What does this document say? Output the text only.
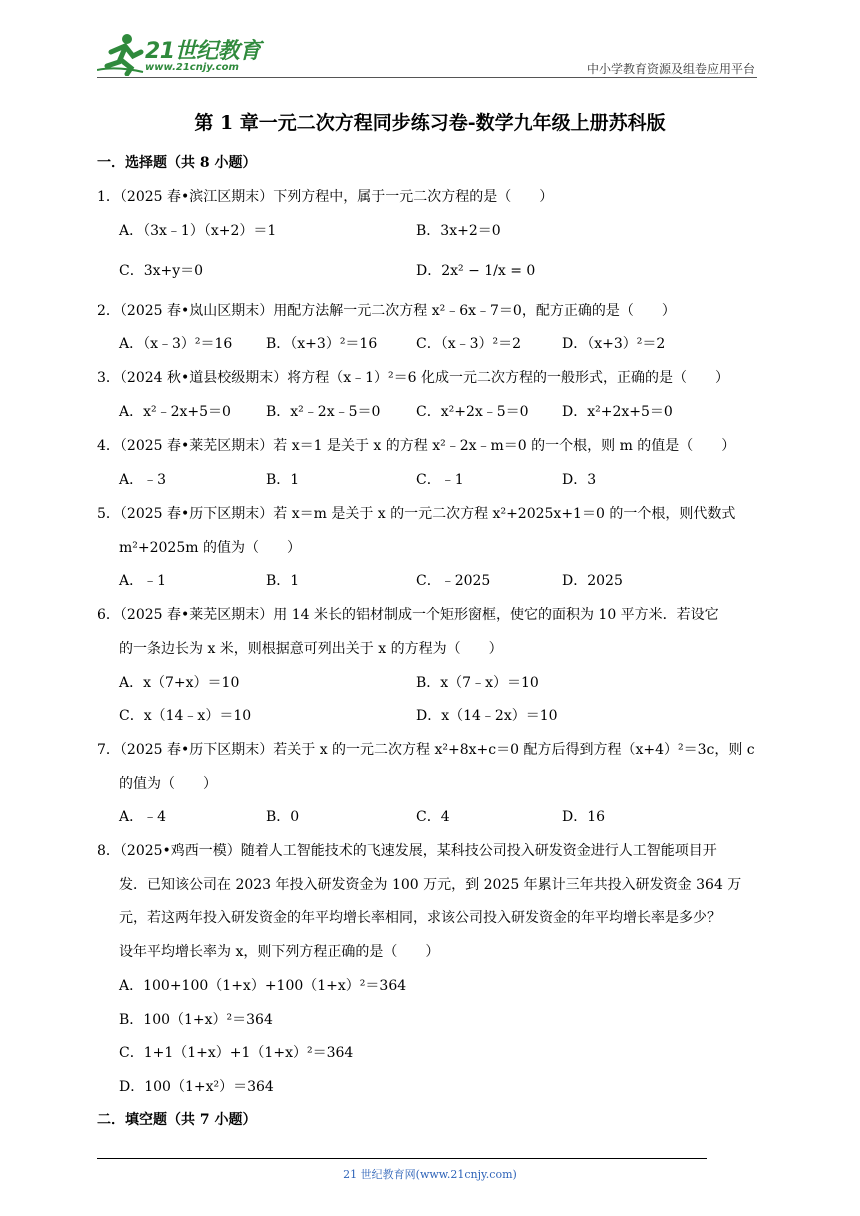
21世纪教育
www.21cnjy.com	中小学教育资源及组卷应用平台
第 1 章一元二次方程同步练习卷-数学九年级上册苏科版
一．选择题（共 8 小题）
1．（2025 春•滨江区期末）下列方程中，属于一元二次方程的是（　　）
A．（3x﹣1）（x+2）＝1	B．3x+2＝0
C．3x+y＝0	D．2x² − 1/x = 0
2．（2025 春•岚山区期末）用配方法解一元二次方程 x²﹣6x﹣7＝0，配方正确的是（　　）
A．（x﹣3）²＝16 B．（x+3）²＝16	C．（x﹣3）²＝2	D．（x+3）²＝2
3．（2024 秋•道县校级期末）将方程（x﹣1）²＝6 化成一元二次方程的一般形式，正确的是（　　）
A．x²﹣2x+5＝0	B．x²﹣2x﹣5＝0	C．x²+2x﹣5＝0 D．x²+2x+5＝0
4．（2025 春•莱芜区期末）若 x＝1 是关于 x 的方程 x²﹣2x﹣m＝0 的一个根，则 m 的值是（　　）
A．﹣3	B．1	C．﹣1	D．3
5．（2025 春•历下区期末）若 x＝m 是关于 x 的一元二次方程 x²+2025x+1＝0 的一个根，则代数式
m²+2025m 的值为（　　）
A．﹣1	B．1	C．﹣2025	D．2025
6．（2025 春•莱芜区期末）用 14 米长的铝材制成一个矩形窗框，使它的面积为 10 平方米．若设它
的一条边长为 x 米，则根据意可列出关于 x 的方程为（　　）
A．x（7+x）＝10	B．x（7﹣x）＝10
C．x（14﹣x）＝10	D．x（14﹣2x）＝10
7．（2025 春•历下区期末）若关于 x 的一元二次方程 x²+8x+c＝0 配方后得到方程（x+4）²＝3c，则 c
的值为（　　）
A．﹣4	B．0	C．4	D．16
8．（2025•鸡西一模）随着人工智能技术的飞速发展，某科技公司投入研发资金进行人工智能项目开
发．已知该公司在 2023 年投入研发资金为 100 万元，到 2025 年累计三年共投入研发资金 364 万
元，若这两年投入研发资金的年平均增长率相同，求该公司投入研发资金的年平均增长率是多少？
设年平均增长率为 x，则下列方程正确的是（　　）
A．100+100（1+x）+100（1+x）²＝364
B．100（1+x）²＝364
C．1+1（1+x）+1（1+x）²＝364
D．100（1+x²）＝364
二．填空题（共 7 小题）
21 世纪教育网(www.21cnjy.com)
